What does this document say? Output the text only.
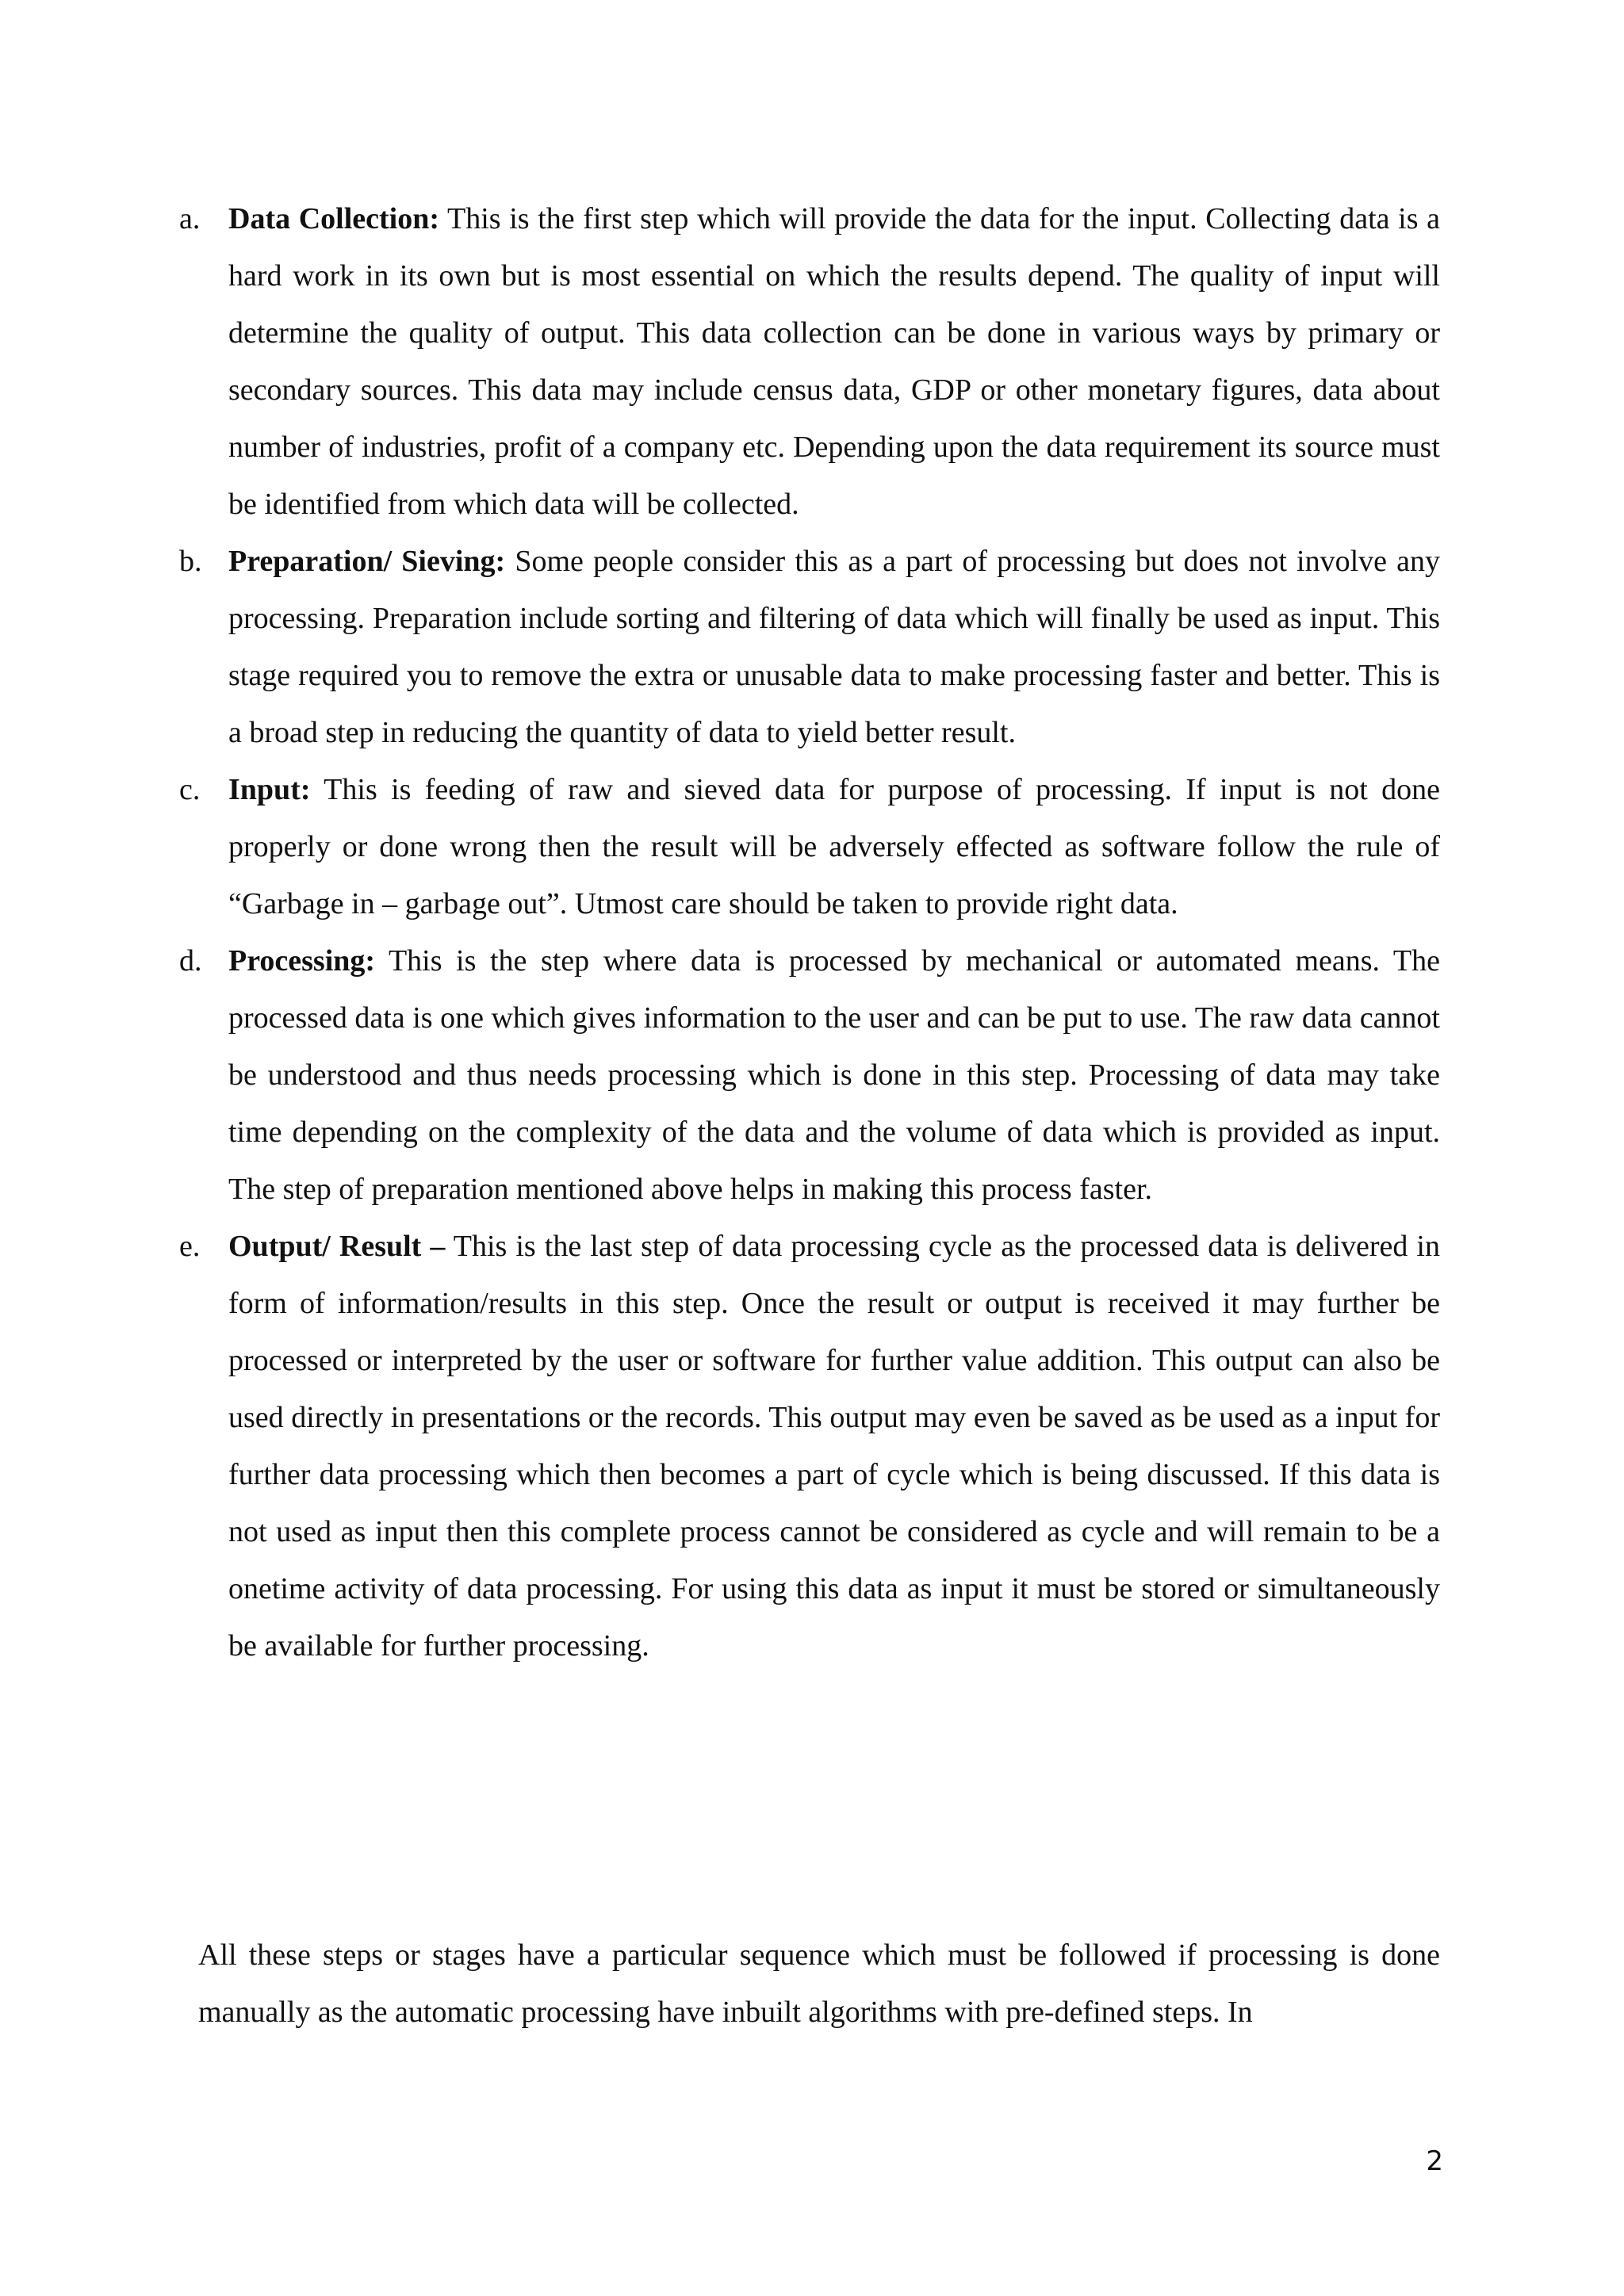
a. Data Collection: This is the first step which will provide the data for the input. Collecting data is a hard work in its own but is most essential on which the results depend. The quality of input will determine the quality of output. This data collection can be done in various ways by primary or secondary sources. This data may include census data, GDP or other monetary figures, data about number of industries, profit of a company etc. Depending upon the data requirement its source must be identified from which data will be collected.
b. Preparation/ Sieving: Some people consider this as a part of processing but does not involve any processing. Preparation include sorting and filtering of data which will finally be used as input. This stage required you to remove the extra or unusable data to make processing faster and better. This is a broad step in reducing the quantity of data to yield better result.
c. Input: This is feeding of raw and sieved data for purpose of processing. If input is not done properly or done wrong then the result will be adversely effected as software follow the rule of “Garbage in – garbage out”. Utmost care should be taken to provide right data.
d. Processing: This is the step where data is processed by mechanical or automated means. The processed data is one which gives information to the user and can be put to use. The raw data cannot be understood and thus needs processing which is done in this step. Processing of data may take time depending on the complexity of the data and the volume of data which is provided as input. The step of preparation mentioned above helps in making this process faster.
e. Output/ Result – This is the last step of data processing cycle as the processed data is delivered in form of information/results in this step. Once the result or output is received it may further be processed or interpreted by the user or software for further value addition. This output can also be used directly in presentations or the records. This output may even be saved as be used as a input for further data processing which then becomes a part of cycle which is being discussed. If this data is not used as input then this complete process cannot be considered as cycle and will remain to be a onetime activity of data processing. For using this data as input it must be stored or simultaneously be available for further processing.

All these steps or stages have a particular sequence which must be followed if processing is done manually as the automatic processing have inbuilt algorithms with pre-defined steps. In

2
